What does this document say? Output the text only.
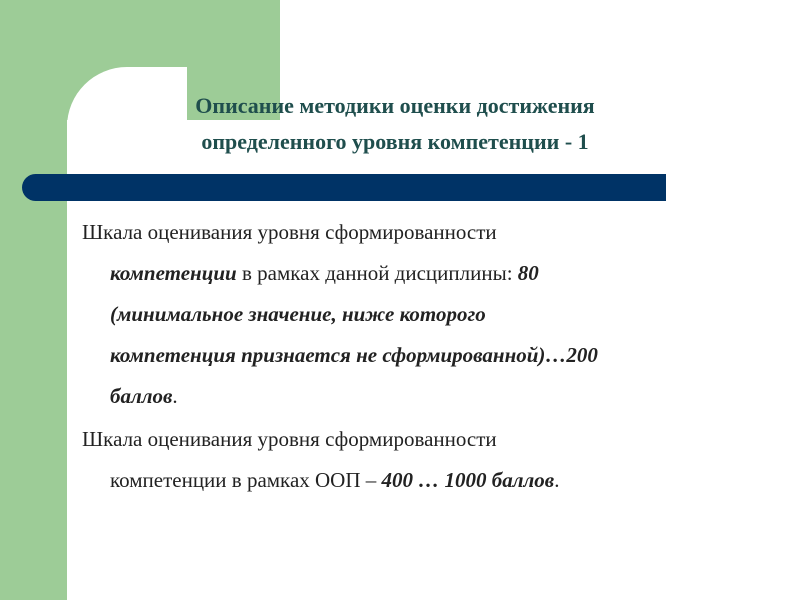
Описание методики оценки достижения
определенного уровня компетенции - 1
Шкала оценивания уровня сформированности
компетенции в рамках данной дисциплины: 80
(минимальное значение, ниже которого
компетенция признается не сформированной)…200
баллов.
Шкала оценивания уровня сформированности
компетенции в рамках ООП – 400 … 1000 баллов.
